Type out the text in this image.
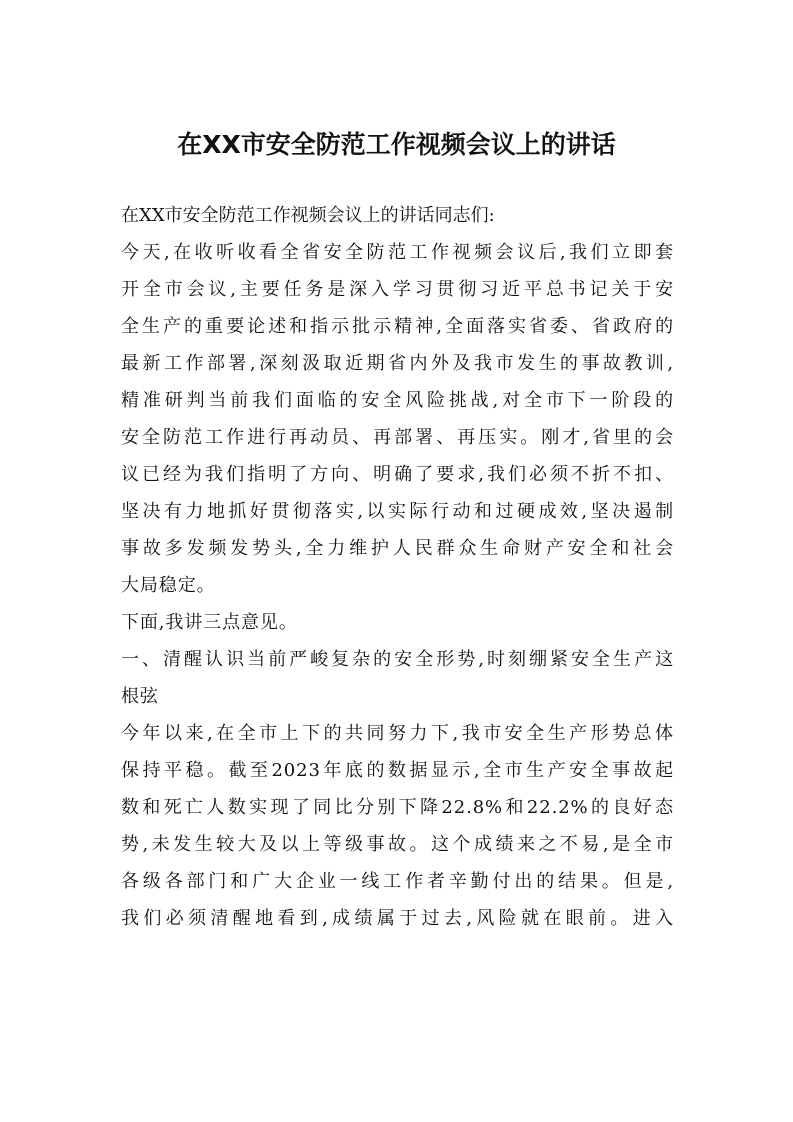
在XX市安全防范工作视频会议上的讲话
在XX市安全防范工作视频会议上的讲话同志们:
今天,在收听收看全省安全防范工作视频会议后,我们立即套
开全市会议,主要任务是深入学习贯彻习近平总书记关于安
全生产的重要论述和指示批示精神,全面落实省委、省政府的
最新工作部署,深刻汲取近期省内外及我市发生的事故教训,
精准研判当前我们面临的安全风险挑战,对全市下一阶段的
安全防范工作进行再动员、再部署、再压实。刚才,省里的会
议已经为我们指明了方向、明确了要求,我们必须不折不扣、
坚决有力地抓好贯彻落实,以实际行动和过硬成效,坚决遏制
事故多发频发势头,全力维护人民群众生命财产安全和社会
大局稳定。
下面,我讲三点意见。
一、清醒认识当前严峻复杂的安全形势,时刻绷紧安全生产这
根弦
今年以来,在全市上下的共同努力下,我市安全生产形势总体
保持平稳。截至2023年底的数据显示,全市生产安全事故起
数和死亡人数实现了同比分别下降22.8%和22.2%的良好态
势,未发生较大及以上等级事故。这个成绩来之不易,是全市
各级各部门和广大企业一线工作者辛勤付出的结果。但是,
我们必须清醒地看到,成绩属于过去,风险就在眼前。进入
